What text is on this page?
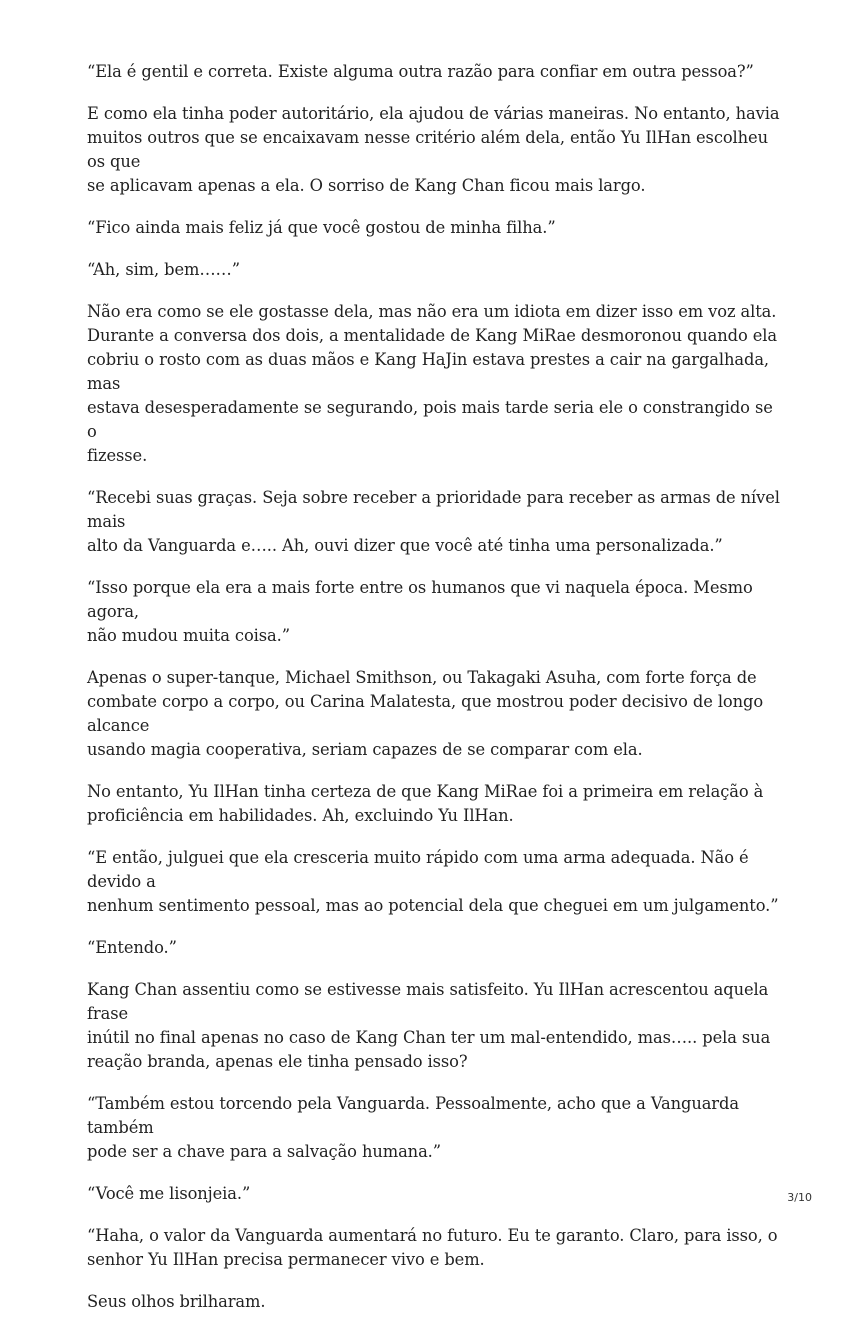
“Ela é gentil e correta. Existe alguma outra razão para confiar em outra pessoa?”

E como ela tinha poder autoritário, ela ajudou de várias maneiras. No entanto, havia
muitos outros que se encaixavam nesse critério além dela, então Yu IlHan escolheu os que
se aplicavam apenas a ela. O sorriso de Kang Chan ficou mais largo.

“Fico ainda mais feliz já que você gostou de minha filha.”

“Ah, sim, bem……”

Não era como se ele gostasse dela, mas não era um idiota em dizer isso em voz alta.
Durante a conversa dos dois, a mentalidade de Kang MiRae desmoronou quando ela
cobriu o rosto com as duas mãos e Kang HaJin estava prestes a cair na gargalhada, mas
estava desesperadamente se segurando, pois mais tarde seria ele o constrangido se o
fizesse.

“Recebi suas graças. Seja sobre receber a prioridade para receber as armas de nível mais
alto da Vanguarda e….. Ah, ouvi dizer que você até tinha uma personalizada.”

“Isso porque ela era a mais forte entre os humanos que vi naquela época. Mesmo agora,
não mudou muita coisa.”

Apenas o super-tanque, Michael Smithson, ou Takagaki Asuha, com forte força de
combate corpo a corpo, ou Carina Malatesta, que mostrou poder decisivo de longo alcance
usando magia cooperativa, seriam capazes de se comparar com ela.

No entanto, Yu IlHan tinha certeza de que Kang MiRae foi a primeira em relação à
proficiência em habilidades. Ah, excluindo Yu IlHan.

“E então, julguei que ela cresceria muito rápido com uma arma adequada. Não é devido a
nenhum sentimento pessoal, mas ao potencial dela que cheguei em um julgamento.”

“Entendo.”

Kang Chan assentiu como se estivesse mais satisfeito. Yu IlHan acrescentou aquela frase
inútil no final apenas no caso de Kang Chan ter um mal-entendido, mas….. pela sua
reação branda, apenas ele tinha pensado isso?

“Também estou torcendo pela Vanguarda. Pessoalmente, acho que a Vanguarda também
pode ser a chave para a salvação humana.”

“Você me lisonjeia.”

“Haha, o valor da Vanguarda aumentará no futuro. Eu te garanto. Claro, para isso, o
senhor Yu IlHan precisa permanecer vivo e bem.

Seus olhos brilharam.

3/10
